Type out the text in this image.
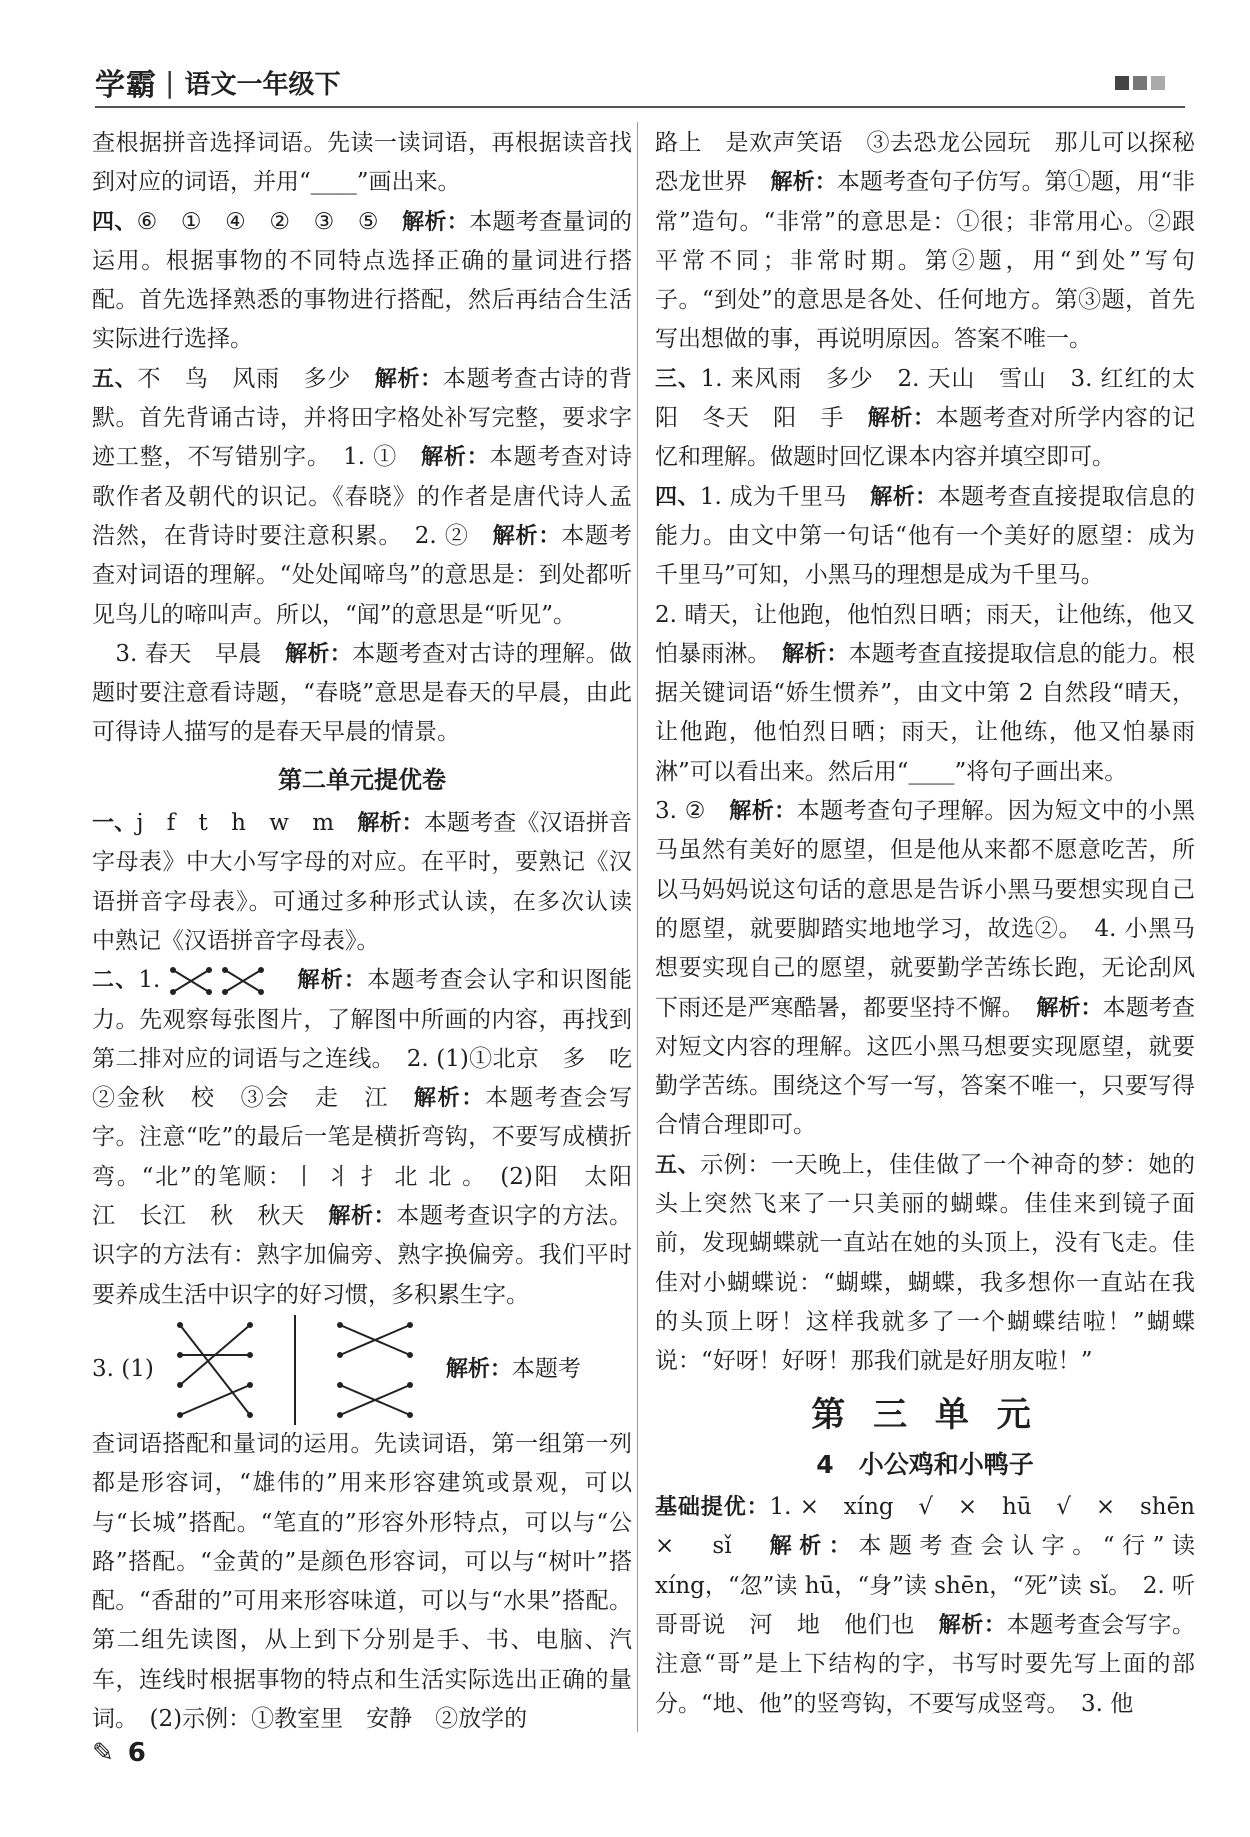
学霸 | 语文一年级下

查根据拼音选择词语。先读一读词语，再根据读音找到对应的词语，并用“____”画出来。

四、⑥　①　④　②　③　⑤　 解析：本题考查量词的运用。根据事物的不同特点选择正确的量词进行搭配。首先选择熟悉的事物进行搭配，然后再结合生活实际进行选择。

五、不　鸟　风雨　多少　 解析：本题考查古诗的背默。首先背诵古诗，并将田字格处补写完整，要求字迹工整，不写错别字。　1. ①　 解析：本题考查对诗歌作者及朝代的识记。《春晓》的作者是唐代诗人孟浩然，在背诗时要注意积累。　2. ②　 解析：本题考查对词语的理解。“处处闻啼鸟”的意思是：到处都听见鸟儿的啼叫声。所以，“闻”的意思是“听见”。

　3. 春天　早晨　 解析：本题考查对古诗的理解。做题时要注意看诗题，“春晓”意思是春天的早晨，由此可得诗人描写的是春天早晨的情景。

第二单元提优卷

一、j　f　t　h　w　m　 解析：本题考查《汉语拼音字母表》中大小写字母的对应。在平时，要熟记《汉语拼音字母表》。可通过多种形式认读，在多次认读中熟记《汉语拼音字母表》。

二、1.  　	解析：本题考查会认字和识图能力。先观察每张图片，了解图中所画的内容，再找到第二排对应的词语与之连线。　2. (1)①北京　多　吃　②金秋　校　③会　走　江　 解析：本题考查会写字。注意“吃”的最后一笔是横折弯钩，不要写成横折弯。“北”的笔顺：丨 丬 扌 北 北 。　(2)阳　太阳　江　长江　秋　秋天　 解析：本题考查识字的方法。识字的方法有：熟字加偏旁、熟字换偏旁。我们平时要养成生活中识字的好习惯，多积累生字。

3. (1)	解析：本题考

查词语搭配和量词的运用。先读词语，第一组第一列都是形容词，“雄伟的”用来形容建筑或景观，可以与“长城”搭配。“笔直的”形容外形特点，可以与“公路”搭配。“金黄的”是颜色形容词，可以与“树叶”搭配。“香甜的”可用来形容味道，可以与“水果”搭配。第二组先读图，从上到下分别是手、书、电脑、汽车，连线时根据事物的特点和生活实际选出正确的量词。　(2)示例：①教室里　安静　②放学的

路上　是欢声笑语　③去恐龙公园玩　那儿可以探秘恐龙世界　 解析：本题考查句子仿写。第①题，用“非常”造句。“非常”的意思是：①很；非常用心。②跟平常不同；非常时期。第②题，用“到处”写句子。“到处”的意思是各处、任何地方。第③题，首先写出想做的事，再说明原因。答案不唯一。

三、1. 来风雨　多少　2. 天山　雪山　3. 红红的太阳　冬天　阳　手　 解析：本题考查对所学内容的记忆和理解。做题时回忆课本内容并填空即可。

四、1. 成为千里马　 解析：本题考查直接提取信息的能力。由文中第一句话“他有一个美好的愿望：成为千里马”可知，小黑马的理想是成为千里马。

2. 晴天，让他跑，他怕烈日晒；雨天，让他练，他又怕暴雨淋。　 解析：本题考查直接提取信息的能力。根据关键词语“娇生惯养”，由文中第 2 自然段“晴天，让他跑，他怕烈日晒；雨天，让他练，他又怕暴雨淋”可以看出来。然后用“____”将句子画出来。

3. ②　 解析：本题考查句子理解。因为短文中的小黑马虽然有美好的愿望，但是他从来都不愿意吃苦，所以马妈妈说这句话的意思是告诉小黑马要想实现自己的愿望，就要脚踏实地地学习，故选②。　4. 小黑马想要实现自己的愿望，就要勤学苦练长跑，无论刮风下雨还是严寒酷暑，都要坚持不懈。　 解析：本题考查对短文内容的理解。这匹小黑马想要实现愿望，就要勤学苦练。围绕这个写一写，答案不唯一，只要写得合情合理即可。

五、示例：一天晚上，佳佳做了一个神奇的梦：她的头上突然飞来了一只美丽的蝴蝶。佳佳来到镜子面前，发现蝴蝶就一直站在她的头顶上，没有飞走。佳佳对小蝴蝶说：“蝴蝶，蝴蝶，我多想你一直站在我的头顶上呀！这样我就多了一个蝴蝶结啦！”蝴蝶说：“好呀！好呀！那我们就是好朋友啦！”

第 三 单 元
4　小公鸡和小鸭子

基础提优：1. ×　xíng　√　×　hū　√　×　shēn　×　sǐ　 解析：本题考查会认字。“行”读 xíng，“忽”读 hū，“身”读 shēn，“死”读 sǐ。　2. 听　哥哥说　河　地　他们也　 解析：本题考查会写字。注意“哥”是上下结构的字，书写时要先写上面的部分。“地、他”的竖弯钩，不要写成竖弯。　3. 他

✎ 6
